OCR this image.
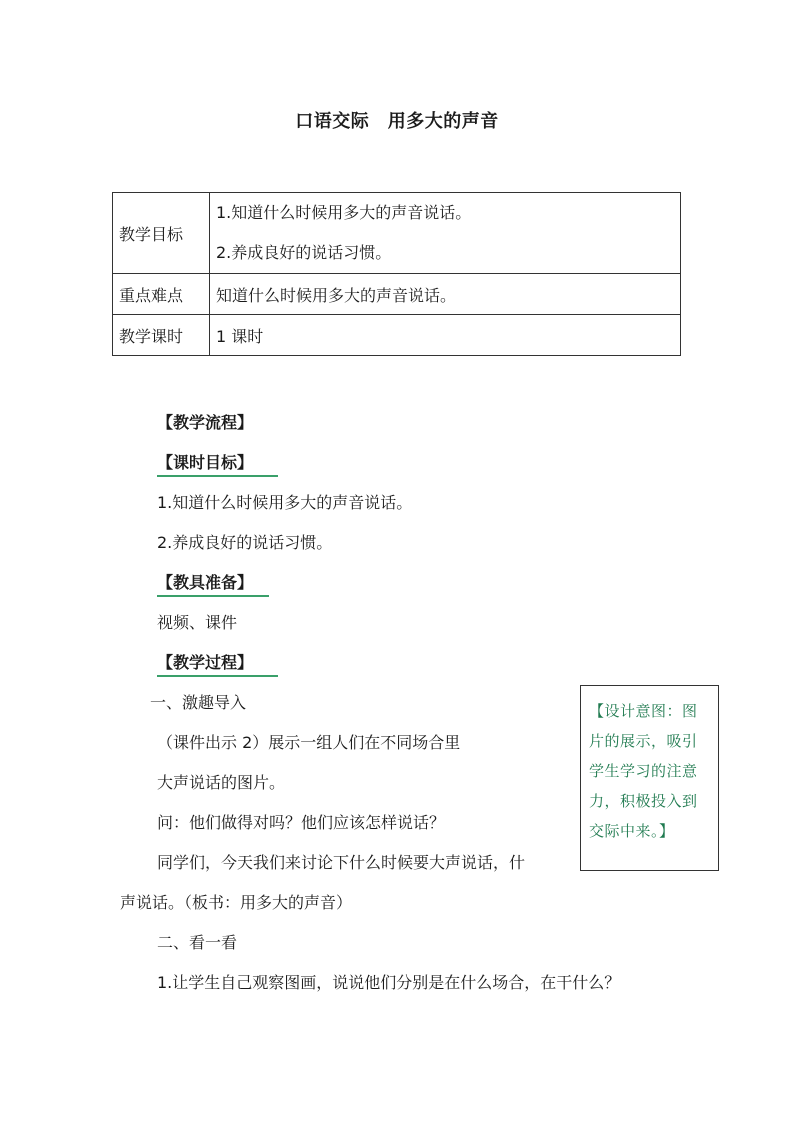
口语交际　用多大的声音
教学目标	1.知道什么时候用多大的声音说话。
2.养成良好的说话习惯。

重点难点	知道什么时候用多大的声音说话。
教学课时	1 课时
【教学流程】
【课时目标】
1.知道什么时候用多大的声音说话。
2.养成良好的说话习惯。
【教具准备】
视频、课件
【教学过程】
一、激趣导入
（课件出示 2）展示一组人们在不同场合里
大声说话的图片。
问：他们做得对吗？他们应该怎样说话？
同学们，今天我们来讨论下什么时候要大声说话，什
声说话。（板书：用多大的声音）
二、看一看
1.让学生自己观察图画，说说他们分别是在什么场合，在干什么？
【设计意图：图片的展示，吸引学生学习的注意力，积极投入到交际中来。】
